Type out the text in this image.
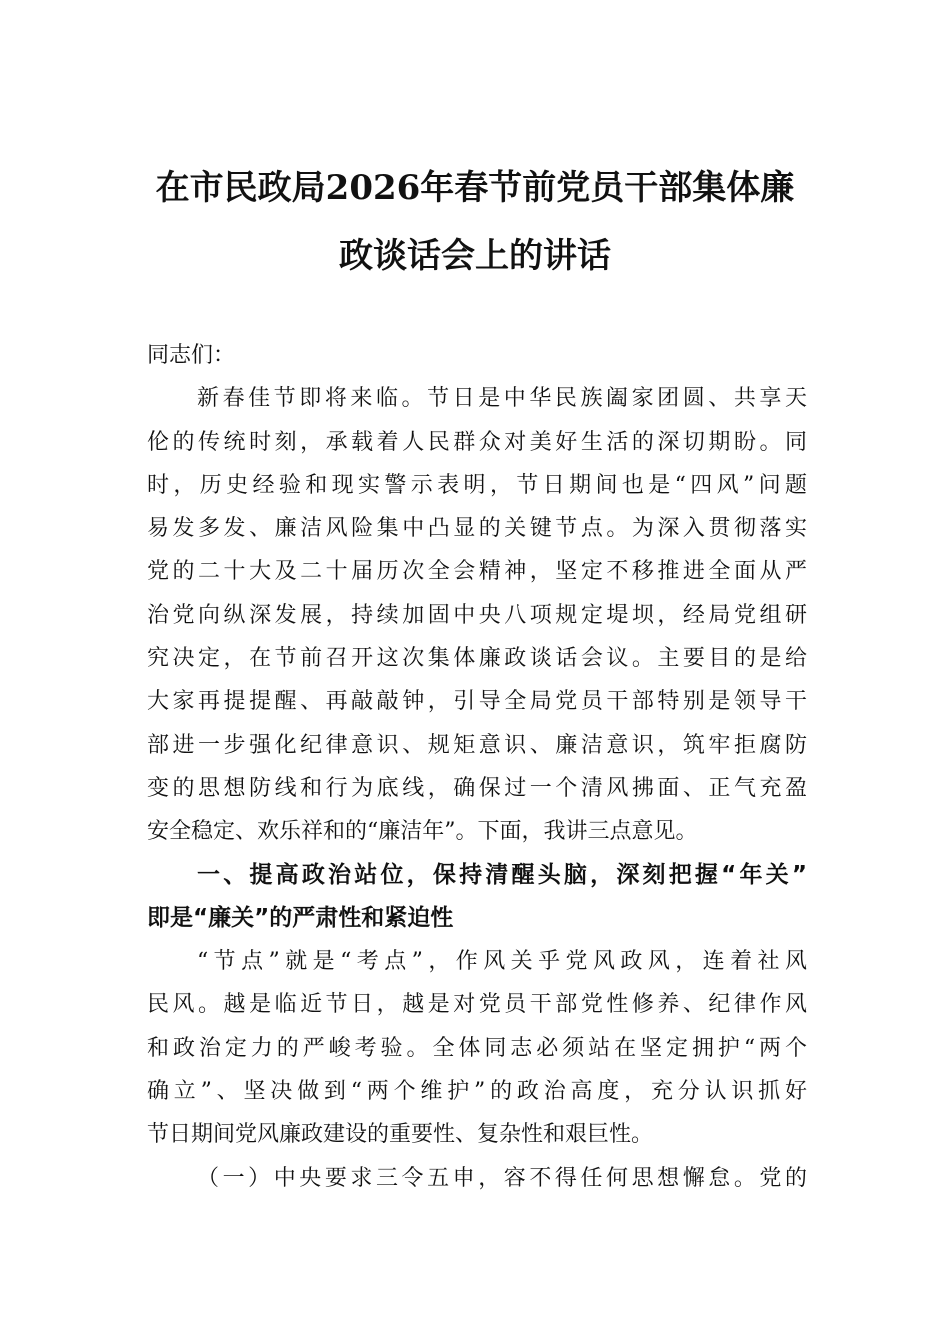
在市民政局2026年春节前党员干部集体廉
政谈话会上的讲话
同志们：
新春佳节即将来临。节日是中华民族阖家团圆、共享天
伦的传统时刻，承载着人民群众对美好生活的深切期盼。同
时，历史经验和现实警示表明，节日期间也是“四风”问题
易发多发、廉洁风险集中凸显的关键节点。为深入贯彻落实
党的二十大及二十届历次全会精神，坚定不移推进全面从严
治党向纵深发展，持续加固中央八项规定堤坝，经局党组研
究决定，在节前召开这次集体廉政谈话会议。主要目的是给
大家再提提醒、再敲敲钟，引导全局党员干部特别是领导干
部进一步强化纪律意识、规矩意识、廉洁意识，筑牢拒腐防
变的思想防线和行为底线，确保过一个清风拂面、正气充盈
安全稳定、欢乐祥和的“廉洁年”。下面，我讲三点意见。
一、提高政治站位，保持清醒头脑，深刻把握“年关”
即是“廉关”的严肃性和紧迫性
“节点”就是“考点”，作风关乎党风政风，连着社风
民风。越是临近节日，越是对党员干部党性修养、纪律作风
和政治定力的严峻考验。全体同志必须站在坚定拥护“两个
确立”、坚决做到“两个维护”的政治高度，充分认识抓好
节日期间党风廉政建设的重要性、复杂性和艰巨性。
（一）中央要求三令五申，容不得任何思想懈怠。党的
